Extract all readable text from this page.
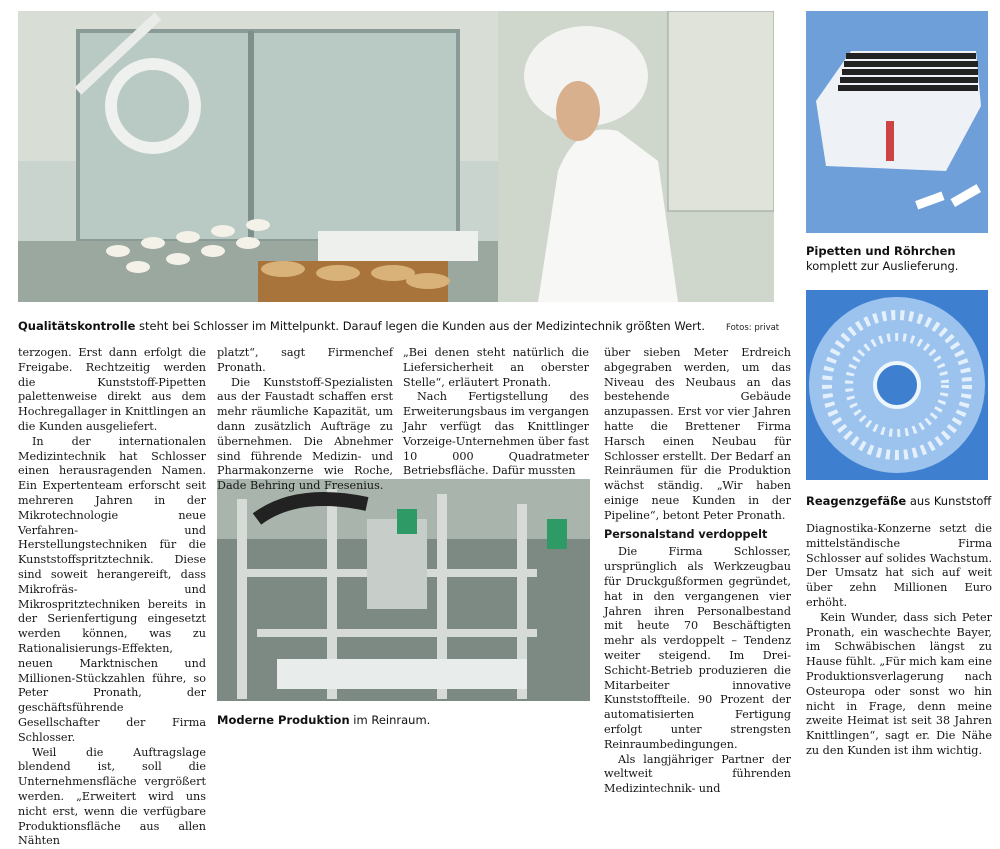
Qualitätskontrolle steht bei Schlosser im Mittelpunkt. Darauf legen die Kunden aus der Medizintechnik größten Wert.	Fotos: privat
Pipetten und Röhrchen komplett zur Auslieferung.
Reagenzgefäße aus Kunststoff
Moderne Produktion im Reinraum.

terzogen. Erst dann erfolgt die Freigabe. Rechtzeitig werden die Kunststoff-Pipetten palettenweise direkt aus dem Hochregallager in Knittlingen an die Kunden ausgeliefert.

In der internationalen Medizintechnik hat Schlosser einen herausragenden Namen. Ein Expertenteam erforscht seit mehreren Jahren in der Mikrotechnologie neue Verfahren- und Herstellungstechniken für die Kunststoffspritztechnik. Diese sind soweit herangereift, dass Mikrofräs- und Mikrospritztechniken bereits in der Serienfertigung eingesetzt werden können, was zu Rationalisierungs-Effekten, neuen Marktnischen und Millionen-Stückzahlen führe, so Peter Pronath, der geschäftsführende Gesellschafter der Firma Schlosser.

Weil die Auftragslage blendend ist, soll die Unternehmensfläche vergrößert werden. „Erweitert wird uns nicht erst, wenn die verfügbare Produktionsfläche aus allen Nähten

platzt“, sagt Firmenchef Pronath.

Die Kunststoff-Spezialisten aus der Faustadt schaffen erst mehr räumliche Kapazität, um dann zusätzlich Aufträge zu übernehmen. Die Abnehmer sind führende Medizin- und Pharmakonzerne wie Roche, Dade Behring und Fresenius.

„Bei denen steht natürlich die Liefersicherheit an oberster Stelle“, erläutert Pronath.

Nach Fertigstellung des Erweiterungsbaus im vergangen Jahr verfügt das Knittlinger Vorzeige-Unternehmen über fast 10 000 Quadratmeter Betriebsfläche. Dafür mussten

über sieben Meter Erdreich abgegraben werden, um das Niveau des Neubaus an das bestehende Gebäude anzupassen. Erst vor vier Jahren hatte die Brettener Firma Harsch einen Neubau für Schlosser erstellt. Der Bedarf an Reinräumen für die Produktion wächst ständig. „Wir haben einige neue Kunden in der Pipeline“, betont Peter Pronath.

Personalstand verdoppelt

Die Firma Schlosser, ursprünglich als Werkzeugbau für Druckgußformen gegründet, hat in den vergangenen vier Jahren ihren Personalbestand mit heute 70 Beschäftigten mehr als verdoppelt – Tendenz weiter steigend. Im Drei-Schicht-Betrieb produzieren die Mitarbeiter innovative Kunststoffteile. 90 Prozent der automatisierten Fertigung erfolgt unter strengsten Reinraumbedingungen.

Als langjähriger Partner der weltweit führenden Medizintechnik- und

Diagnostika-Konzerne setzt die mittelständische Firma Schlosser auf solides Wachstum. Der Umsatz hat sich auf weit über zehn Millionen Euro erhöht.

Kein Wunder, dass sich Peter Pronath, ein waschechte Bayer, im Schwäbischen längst zu Hause fühlt. „Für mich kam eine Produktionsverlagerung nach Osteuropa oder sonst wo hin nicht in Frage, denn meine zweite Heimat ist seit 38 Jahren Knittlingen“, sagt er. Die Nähe zu den Kunden ist ihm wichtig.
